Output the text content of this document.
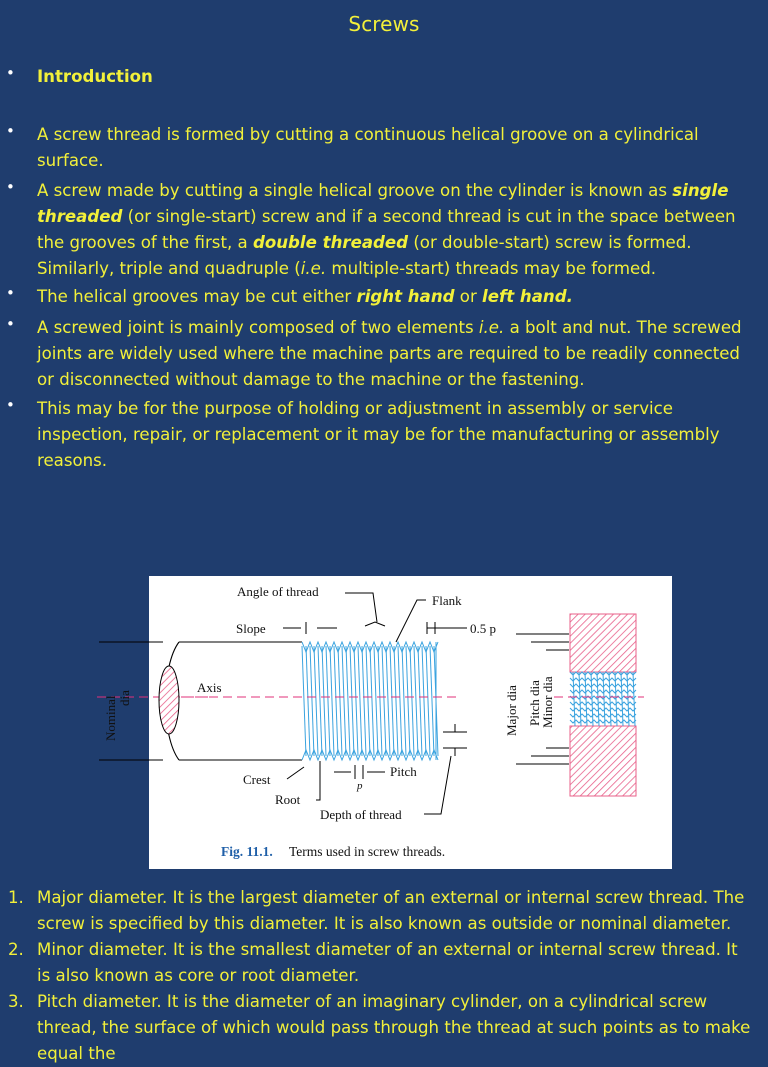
Screws
• Introduction
• A screw thread is formed by cutting a continuous helical groove on a cylindrical surface.
• A screw made by cutting a single helical groove on the cylinder is known as single threaded (or single-start) screw and if a second thread is cut in the space between the grooves of the first, a double threaded (or double-start) screw is formed. Similarly, triple and quadruple (i.e. multiple-start) threads may be formed.
• The helical grooves may be cut either right hand or left hand.
• A screwed joint is mainly composed of two elements i.e. a bolt and nut. The screwed joints are widely used where the machine parts are required to be readily connected or disconnected without damage to the machine or the fastening.
• This may be for the purpose of holding or adjustment in assembly or service inspection, repair, or replacement or it may be for the manufacturing or assembly reasons.
Angle of thread
Flank
Slope	0.5 p
Axis
Crest
Root
Pitch
p
Depth of thread
Nominal dia	Major dia Pitch dia
Minor dia
Fig. 11.1. Terms used in screw threads.
1. Major diameter. It is the largest diameter of an external or internal screw thread. The screw is specified by this diameter. It is also known as outside or nominal diameter.
2. Minor diameter. It is the smallest diameter of an external or internal screw thread. It is also known as core or root diameter.
3. Pitch diameter. It is the diameter of an imaginary cylinder, on a cylindrical screw thread, the surface of which would pass through the thread at such points as to make equal the
